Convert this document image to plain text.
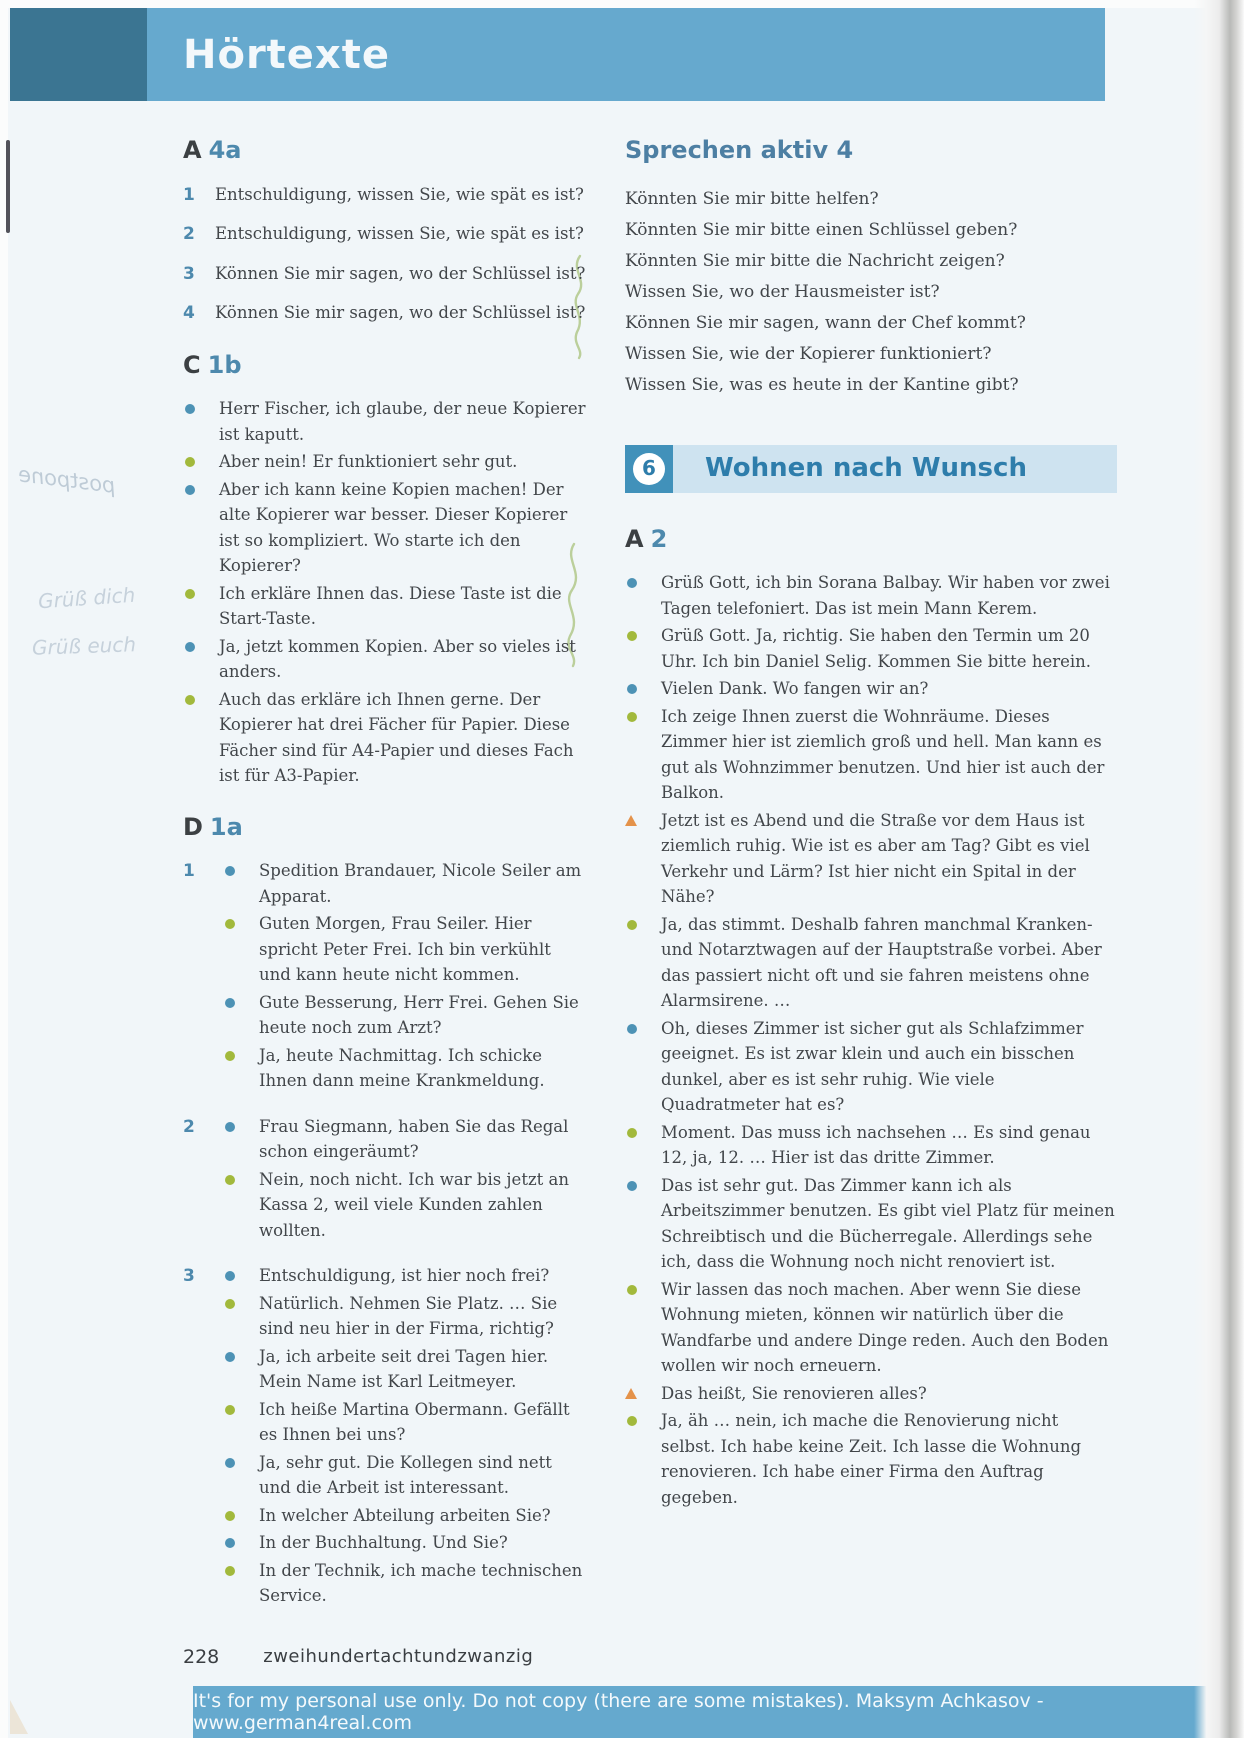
Hörtexte
postpone
Grüß dich
Grüß euch
A 4a
1	Entschuldigung, wissen Sie, wie spät es ist?
2	Entschuldigung, wissen Sie, wie spät es ist?
3	Können Sie mir sagen, wo der Schlüssel ist?
4	Können Sie mir sagen, wo der Schlüssel ist?
C 1b
Herr Fischer, ich glaube, der neue Kopierer ist kaputt.
Aber nein! Er funktioniert sehr gut.
Aber ich kann keine Kopien machen! Der alte Kopierer war besser. Dieser Kopierer ist so kompliziert. Wo starte ich den Kopierer?
Ich erkläre Ihnen das. Diese Taste ist die Start-Taste.
Ja, jetzt kommen Kopien. Aber so vieles ist anders.
Auch das erkläre ich Ihnen gerne. Der Kopierer hat drei Fächer für Papier. Diese Fächer sind für A4-Papier und dieses Fach ist für A3-Papier.
D 1a
1	Spedition Brandauer, Nicole Seiler am Apparat.
Guten Morgen, Frau Seiler. Hier spricht Peter Frei. Ich bin verkühlt und kann heute nicht kommen.
Gute Besserung, Herr Frei. Gehen Sie heute noch zum Arzt?
Ja, heute Nachmittag. Ich schicke Ihnen dann meine Krankmeldung.
2	Frau Siegmann, haben Sie das Regal schon eingeräumt?
Nein, noch nicht. Ich war bis jetzt an Kassa 2, weil viele Kunden zahlen wollten.
3	Entschuldigung, ist hier noch frei?
Natürlich. Nehmen Sie Platz. … Sie sind neu hier in der Firma, richtig?
Ja, ich arbeite seit drei Tagen hier. Mein Name ist Karl Leitmeyer.
Ich heiße Martina Obermann. Gefällt es Ihnen bei uns?
Ja, sehr gut. Die Kollegen sind nett und die Arbeit ist interessant.
In welcher Abteilung arbeiten Sie?
In der Buchhaltung. Und Sie?
In der Technik, ich mache technischen Service.
Sprechen aktiv 4
Könnten Sie mir bitte helfen?
Könnten Sie mir bitte einen Schlüssel geben?
Könnten Sie mir bitte die Nachricht zeigen?
Wissen Sie, wo der Hausmeister ist?
Können Sie mir sagen, wann der Chef kommt?
Wissen Sie, wie der Kopierer funktioniert?
Wissen Sie, was es heute in der Kantine gibt?
6	Wohnen nach Wunsch
A 2
Grüß Gott, ich bin Sorana Balbay. Wir haben vor zwei Tagen telefoniert. Das ist mein Mann Kerem.
Grüß Gott. Ja, richtig. Sie haben den Termin um 20 Uhr. Ich bin Daniel Selig. Kommen Sie bitte herein.
Vielen Dank. Wo fangen wir an?
Ich zeige Ihnen zuerst die Wohnräume. Dieses Zimmer hier ist ziemlich groß und hell. Man kann es gut als Wohnzimmer benutzen. Und hier ist auch der Balkon.
Jetzt ist es Abend und die Straße vor dem Haus ist ziemlich ruhig. Wie ist es aber am Tag? Gibt es viel Verkehr und Lärm? Ist hier nicht ein Spital in der Nähe?
Ja, das stimmt. Deshalb fahren manchmal Kranken- und Notarztwagen auf der Hauptstraße vorbei. Aber das passiert nicht oft und sie fahren meistens ohne Alarmsirene. …
Oh, dieses Zimmer ist sicher gut als Schlafzimmer geeignet. Es ist zwar klein und auch ein bisschen dunkel, aber es ist sehr ruhig. Wie viele Quadratmeter hat es?
Moment. Das muss ich nachsehen … Es sind genau 12, ja, 12. … Hier ist das dritte Zimmer.
Das ist sehr gut. Das Zimmer kann ich als Arbeitszimmer benutzen. Es gibt viel Platz für meinen Schreibtisch und die Bücherregale. Allerdings sehe ich, dass die Wohnung noch nicht renoviert ist.
Wir lassen das noch machen. Aber wenn Sie diese Wohnung mieten, können wir natürlich über die Wandfarbe und andere Dinge reden. Auch den Boden wollen wir noch erneuern.
Das heißt, Sie renovieren alles?
Ja, äh … nein, ich mache die Renovierung nicht selbst. Ich habe keine Zeit. Ich lasse die Wohnung renovieren. Ich habe einer Firma den Auftrag gegeben.
228 zweihundertachtundzwanzig
It's for my personal use only. Do not copy (there are some mistakes). Maksym Achkasov - www.german4real.com
